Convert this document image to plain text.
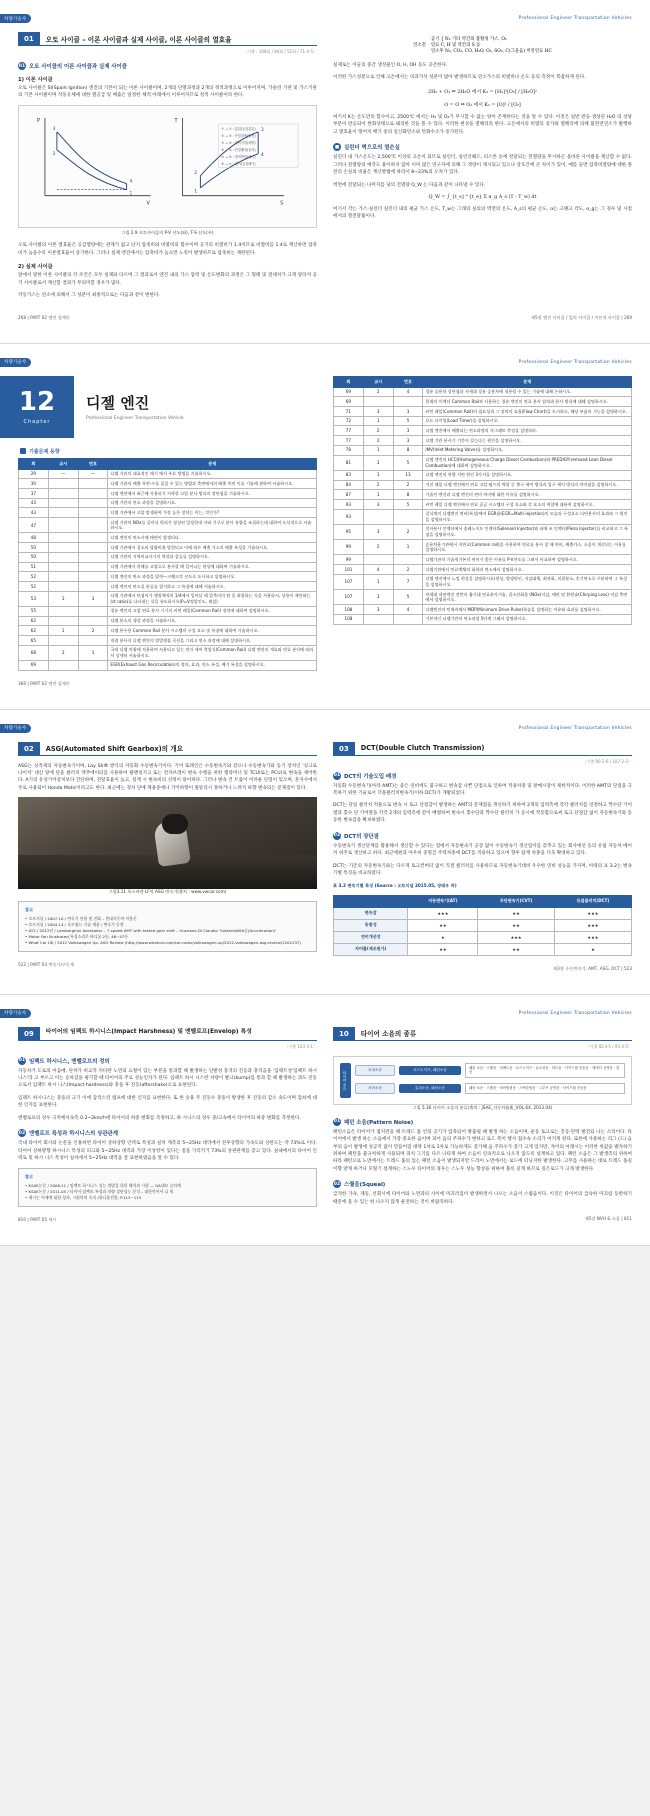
차량기술사	Professional Engineer Transportation Vehicles
01	오토 사이클 – 이론 사이클과 실제 사이클, 이론 사이클의 열효율
〔기출 : 108회 / 84회 / 52회 / 71-4-5〕
01 오토 사이클의 이론 사이클과 실제 사이클
1) 이론 사이클

오토 사이클은 SI(Spark Ignition) 엔진의 기본이 되는 이론 사이클이며, 2개의 단열과정과 2개의 정적과정으로 이루어지며, 가솔린 기관 및 가스기관의 기본 사이클이며 작동유체에 대한 열공급 및 배출은 일정한 체적 아래에서 이루어지므로 정적 사이클이라 한다.

P
V
3
2
4
1
T
S
2
1
3
4
① → ② : 흡입(등압흡입)
② → ③ : 단열압축(압축)
③ → ④ : 정적가열(폭발)
④ → ⑤ : 단열팽창(동력)
⑤ → ⑥ : 정적방열(배기)
⑥ → ① : 배기(등압배기)
그림 2.9 오토사이클의 P-V 선도(좌), T-S 선도(우)

오토 사이클의 이론 열효율은 공급열량에는 관계가 없고 단지 압축비와 비열비의 함수이며 공기의 비열비가 1.4이므로 비열비를 1.4로 계산하면 압축비가 높을수록 이론열효율이 증가한다. 그러나 실제 엔진에서는 압축비가 높으면 노킹이 발생하므로 압축비는 제한된다.

2) 실제 사이클

앞에서 말한 이론 사이클의 각 조건은 모두 실제와 다르며 그 결과로서 엔진 내의 가스 압력 및 온도변화의 과정은 그 형태 및 절대치가 크게 달라져 공기 사이클로서 계산할 결과가 무의미할 경우가 많다.

작동가스는 연소에 의해서 그 성분이 최종적으로는 다음과 같이 변한다.

연소전
공기 { N₂ 기타 약간의 불활성 가스, O₂
연료 C, H 및 약간의 S 등
연소후 N₂, CO₂, CO, H₂O, O₂, SO₂, C(그을음) 미연연료 HC

실제로는 이들의 중간 생성물인 O, H, OH 등도 공존한다.

이러한 가스성분으로 인해 고온에서는 비과가석 성분이 많아 발생하므로 연소가스의 비열비나 온도 등의 측정이 복잡하게 된다.

2H₂ + O₂ ⇌ 2H₂O 에서 K₂ = [H₂]²[O₂] / [H₂O]²
O = O ⇌ O₂ 에서 K₂ = [O]² / [O₂]

여기서 K는 온도만의 함수이고, 2500℃ 에서는 H₂ 및 O₂가 무시할 수 없는 양이 존재한다는 것을 알 수 있다. 이것은 일반 반응·생성된 H₂O 의 상당부분이 반응되어 완화상태으로 돼리한 것을 볼 수 있다. 이러한 현상을 열해리라 한다. 고온에서의 비열의 증가와 열해리에 의해 불완전연소가 발행하고 열효율이 떨어져 배기 중의 일산화탄소와 탄화수소가 증가된다.

■ 실린더 벽으로의 열손실

실린더 내 가스온도는 2,500℃ 이상의 고온이 되므로 실린더, 실린더헤드, 피스톤 등에 전달되는 전열량을 무시하곤 올바른 사이클을 계산할 수 없다. 그러나 전열량의 예측도 용이하지 않아 이미 많은 연구자에 의해 그 정량이 제시되고 있으나 상호간에 큰 차이가 있어, 예를 들면 압축비열량에 대한 종전의 손실의 비율은 계산방법에 따라서 8~23%의 오차가 있다.

벽면에 전달되는 나머지를 당의 전열량 Q_W 는 다음과 같이 나타낼 수 있다.

Q_W = ∫_{t_s}^{t_e} Σ α_g A_s (T - T_w) dt

여기서 각는 가스·실린더 실린더 내의 평균 가스 온도, T_w는 그래의 실의의 벽면의 온도, A_s의 평균 온도, α는 크랭크 각도, α_g는 그 경우 및 시점에서의 열전달률이다.

268 | PART 02 엔진 설계론	제5장 엔진 사이클 / 일의 사이클 / 이론적 사이클 | 269
차량기술사	Professional Engineer Transportation Vehicles
12
Chapter
디젤 엔진
Professional Engineer Transportation Vehicle
기출문제 동향
회	교시	번호	문제
29	—	—	디젤 기관의 대표적인 매기 에서 주요 방법을 기술하시오.
30			디젤 기관의 배출 흑연·수를 줄일 수 있는 방법과 측면에서의 배출 흑연 이를 기술에 관하여 서술하시오.
37			디젤 엔진에서 최근에 사용되기 시작한 고압 분사 방식의 장단점을 기술하시오.
43			디젤 기관의 연소 과정을 설명하시오.
43			디젤 기관에서 고압 발생하여 가장 높은 장치는 이는, 것인가?
47			디젤 기관의 NOx를 줄이다 원리가 형성된 일정한데 이와 기구로 분사 유량을 조절하는데 대하여 도식적으로 서술하시오.
48			디젤 엔진의 연소시에 매연이 발생되다.
50			디젤 기관에서 질소의 당량비율 발현되고 이에 따른 배출 가스의 배출 특성을 기술하시오.
50			디젤 기관의 지역비교사기의 역할과 종류를 설명하시오.
51			디젤 기관에서 촉매를 고압으로 분사할 때 일어나는 현상에 대하여 기술하시오.
52			디젤 엔진의 면소 과정을 압력—크랭크각 선도로 도시하고 설명하시오.
52			디젤 엔진의 연소실 분류를 열거하고 그 특징에 대해 서술하시오.
53	3	3	디젤 기관에서 단점이가 행정체적의 1/4에서 일어날 때 압축비의 탑 을 최합하는 식을 사용하서, 상용이 제안하는 (ct ratio)를 나타내는 식을 유도하시오(P=V정압인도, 제설)
55			경유 엔진의 고압 연료 분사 기기의 커먼 레일(Common Rail) 장치에 대하여 설명하시오.
62			디젤 분소의 생성 과정을 서술하시오.
62	1	2	디젤 분수용 Common Rail 분사 시스템의 구성 요소 및 특징에 대하여 기술하시오.
65			직접 분사식 디젤 엔진의 열발생률 곡선을 그리고 연소 과정에 대해 설명하시오.
68	3	1	국내 디젤 차량에 적용하여 사용되고 있는 전자 제어 축압식(Common Rail) 디젤 엔진의 개요와 연료 분사에 따라서 상세히 서술하시오.
69			EGR(Exhaust Gas Recirculation)의 정의, 효과, 연소 특성, 배기 특성을 설명하시오.
366 | PART 02 엔진 설계론
회	교시	번호	문제
69	2	4	경유 승용차 장단점과 저세대 경유 승용차에 적용될 수 있는 기술에 대해 논하시오.
69			현재의 이젝터 Common Rail과 사용하는 경유 엔진의 연료 분사 압력과 분사 방식에 대해 설명하시오.
71	3	3	커먼 레일(Common Rail)의 필요성과 그 장치의 효율(Flow Chart)을 도시하고, 해당 부품의 기능을 설명하시오.
72	1	5	로드 타이밍(Load Timer)을 설명하시오.
77	2	3	디젤 엔진에서 배출되는 연소과정의 사그레트 측정을 설명하라.
77	2	3	디젤 기관 분사기 기간이 갖는다는 원인을 설명하시오.
78	1	8	IMV(Inlet Metering Valve)를 설명하시오.
81	3	5	디젤 엔진의 HCCI(Homogeneous Charge Diesel Combustion)와 PREDIGY(remixed Lean Diesel Combustion)에 대하여 설명하시오.
83	1	13	디젤 엔진의 차량 지연 원인 3가지를 설명하시오.
84	2	2	저진 레일 디젤 엔진에서 연료 고압 펌프의 역할 중 출구 제어 방식과 입구 제어 방식의 차이점을 설명하시오.
87	1	8	가솔린 엔진과 디젤 엔진의 연비 차이에 대한 이유를 설명하시오.
93	3	5	커먼 레일 디젤 엔진에서 연료 공급 시스템의 구성 요소와 각 요소의 역할에 대하여 설명하시오.
93			질식계의 디젤엔진 연비(특성)에서 EGR율(EGR=Multi-injection)의 모습과 구성요소 다단분사의 효과와 그 원인을 설명하시오.
95	3	2	전자분사 인젝터에서 솔레노이드 인젝터(Solenoid Injector)와 피에 조 인젝터(Piezo Injector)를 비교하고 그 특징을 설명하시오.
99	2	1	승용차용기관에서 저연료(Common rail)을 사용하여 연료를 분사 할 때 연비, 배출가스, 소음이 개선되는 이유를 설명하시오.
99			디젤기관의 기술력기본의 연비가 좋은 이유를 P-V선도를 그려서 비교하여 설명하시오.
101	4	2	디젤기관에서 연료액체의 화학과 연소에서 설명하시오.
107	1	7	디젤 엔진에서 노킹 현상을 설명하시오(현상, 발생원인, 저감대책, 최적화, 직접분소, 후기연소로 구분하여 그 특성을 설명하시오.
107	3	5	차세대 내연엔진 전반의 흡기대 연료분사기술, 질소산화물 (NOx)저감, 매연 및 환원술(Chirping Loss) 저감 측면에서 설명하시오.
108	3	4	디젤엔진의 민제비에서 MDP(Minimum Drive Pulse)학습을 설명하는 이유와 효과를 설명하시오.
108			기본적인 디젤기관의 연소과정 5단계 그래서 설명하시오.
차량기술사	Professional Engineer Transportation Vehicles
02	ASG(Automated Shift Gearbox)의 개요

ASG는 싱격세의 자동변속기이며, Lay Shift 방식의 자동화 수동변속기이다. 기어 또레인은 수동변속기와 같으나 수동변속기와 동기 장치인 '싱크로 나이저' 대신 앞에 단을 클러치 액추에이터를 사용하여 클랜칭지고 또는 전자브레이 변속 수행을 위한 앨라머너 및 TCU(또는 PCU)로 변속을 제어한다. A기의 유성기어장치보다 간단하며, 전달효율이 높고, 설계 시 변속비의 선정이 용이하다. 그러나 변속 건 트롤이 어려운 단점이 있으며, 혼자사에서 주로 사용되어 Honda Matic이라고도 한다. 최근에는 경차 단에 제용중에나 기어하향이 말뜰리시 못하거나 느려지 하향 변속되는 문제점이 있다.

그림3.11 폭스바겐 LF의 ASG 변속기(출처 : www.vwcar.com)
참고
• 오토지널 / 2007.10 / 변속기 통합 및 진화 – 현대자동차 이용준
• 오토지널 / 2004.14 / 오토월드 기술 제품 / 변속기 동향
• AT2 / 2012년 / Lamborghini Aventador – 7-speed AMT with tested gear shift – Graziano Di Claudio 'Sostenibilità승(Acceleration)'
• Motor Fan Illustrated 특집소리로 바디를 2등, 46~47등
• What Car UK / 2012 Volkswagen Up. ASG Review (http://www.whatcar.com/car-news/volkswagen-up/2012-volkswagen-asg-review/1201237)
522 | PART 03 변속기/구동계
03	DCT(Double Clutch Transmission)
〔기출 90-2-6 / 107-2-3〕
01 DCT의 기술도입 배경

자동화 수동변속기(아라 AMT)는 좋은 연비에도 불구하고 변속감 나쁜 단점으로 인하여 적용차종 및 판매시장이 제한적이다. 이러한 AMT의 단점을 극복하기 위한 기술로서 더플클러치변속기(이하 DCT)가 개발되었다.

DCT는 단일 클러치 적용으로 변속 시 토크 단절감이 발생하는 AMT의 문제점을 개선하기 위하여 2개의 입력측에 각각 클러치를 연결하고 짝수단 기어열과 홀수 단 기어열을 각각 2개의 입력측에 같이 배열하여 변속시 홀수단과 짝수단 클러치 가 동시에 작동함으로써 토크 단절감 없이 자동변속기와 동등한 변속감을 확보하였다.

02 DCT의 장단점

수동변속기 생산단계를 활용해서 생산할 수 있다는 점에서 자동변속기 공장 없이 수동변속기 생산업이를 갖추고 있는 회사에선 등의 유럽 자동차 메이커 위주로 생산하고 하다. 최근에편과 아우비 중형급 주력차종에 DCT를 적용하고 있으며 향후 탑재 차종을 더욱 확대하고 있다.

DCT는 기존의 자동변속기와는 다르게 토크컨버터 없이 직결 클러치를 사용하므로 자동변속기대비 우수한 연비 성능을 가지며, 아래의 표 3.2는 변속기별 특징을 비교하였다.

표 3.2 변속기별 특징 (Source : 오토지널 2015.05, 장태우 차)
	자동변속기(AT)	무단변속기(CVT)	듀얼클러치(DCT)
변속감	★★★	★★	★★★
동합성	★★	★★	★★★
연비개선성	★	★★★	★★★
자머블(제조원가)	★★	★★	★
제3장 수동변속기, AMT, ASG, DCT | 523
차량기술사	Professional Engineer Transportation Vehicles
09	타이어의 임팩트 하시니스(Impact Harshness) 및 엔벨로프(Envelop) 특성
〔기출 103-3-1〕
01 임팩트 하시니스, 엔벨로프의 정의

자동차가 도로의 이음매, 단차가 비교적 커다란 노면의 요철이 있는 부분을 통과할 때 발생하는 단발성 충격의 진동과 충격음을 '임팩트성'임팩트 하시니스'라 고 부르고 이는 승차감을 평가할 때 타이어의 주요 성능인자가 된다. 임팩트 하시 니스란 차량이 발크(bump)를 통과 할 때 발생하는 과도 진동으로서 임팩트 하시 니스(Impact hardness)와 충돌 후 진동(aftershake)으로 표현된다.

임팩트 하시니스는 충돌의 크기 이에 감작스런 범프에 대한 인지를 표현한다. 또 한 승용 주 진동수 충돌이 발생한 후 진동의 감소 속도이며 감쇠에 대한 인지를 표현한다.

엔벨로프의 경우 극저에서속측 0.2~2km/h에 타이어의 하중 변화를 측정하고, 하 시니스의 경우 중/고속에서 타이어의 하중 변화를 측정한다.

02 엔벨로프 특성과 하시니스의 상관관계

국내 타이어 회사의 논문을 인용하면 타이어 상하상향 인덱로 특성과 실차 계측의 5~25Hz 대역에서 전후상향의 가속도와 상관도는 약 73%로 이다. 타이어 상하방향 하시니스 특성의 피크와 5~25Hz 대역과 가장 이상항이 있다는 점을 가리키기 73%의 상관관계를 갖고 있다. 실내에서의 타이어 인덱로 및 하시 니스 특성이 실차에서 5~25Hz 대역을 잘 표현하였음을 알 수 있다.

참고
• KSAE논문 / 2006.11 / 임팩트 하시니스 성능 개발을 위한 해석과 시험 — QA대모 승차계
• KSAE논문 / 2011.05 / 타이어 임팩트 특성과 차량 상단성능 분석 – 대한인아서 니 게
• 제시는 이제에 대한 성자, 시험의의 속지 (하나움진불, P.113~115
810 | PART 05 새시
10	타이어 소음의 종류
〔기출 ID-3-5 / 95-4-5〕
타이어 소음
차내소음	로드노이즈, 패턴소음
패턴 소음 · 스퀄음 · 임팩트음 · 로드노이즈 · 유로성음 · 비트음 · 사이드월 진동음 · 캐비티 공명음 · 험음
차외소음	통과소음, 패턴소음	패턴 소음 · 스퀄음 · 에어펌핑음 · 스틱슬립음 · 그루브 공명음 · 사이드월 진동음
그림 5.36 타이어 소음의 분류(출처 : JSAE_자동차技術_VOL.64, 2013.04)
01 패턴 소음(Pattern Noise)

패턴소음은 타이어가 접지면을 때 트레드 홈 안의 공기가 압축되어 방출될 때 발생 하는 소음이며, 운동 토크로는 진동·탄력 발전되 나는 소리이다. 타이어에서 발생 하는 소음에서 가장 중요한 음이며 피어 음의 주파수가 변하고 로드 폭이 행사 접수속 소리가 여지게 된다. 또한에 사용하는 리그 (드) 음부의 음이 발생에 성공적 없이 만들어짐 대략 1차로 1차로 가능하게도 증가해 음 주파수가 증가 크게 있지만, 자이의 아래시는 이러한 첫값을 발자하기 위하여 패턴을 불규칙하게 사용되며 피치 그기를 다르 나타게 하여 소음이 연속적으로 나오지 않도록 설계하고 있다. 패턴 소음은 그 발생측의 위하여 따라 패턴으로 노면에서는 트레드 홈의 있는 패턴 소음이 발생되지만 드라이 노면에서는 로드에 터닝지한 발생한다. 고무를 사용하는 대로 트레드 홈길이향 얕게 하거나 모떨기 설계하는 스노우 타이어의 경우는 스노우 성능 향상을 위하여 블록 길게 하므로 깊은로드가 크게 방생한다.

02 스퀄음(Squeal)

급격한 가속, 제동, 선회시에 타이어와 노면과의 사이에 미끄러짐이 발생하면서 나오는 소음이 스퀄음이다. 이것은 타이어의 급속한 미끄럼 등반하기 때문에 올 수 있는 한 나오지 않게 운전하는 것이 바람직하다.

제5장 NVH & 소음 | 811
